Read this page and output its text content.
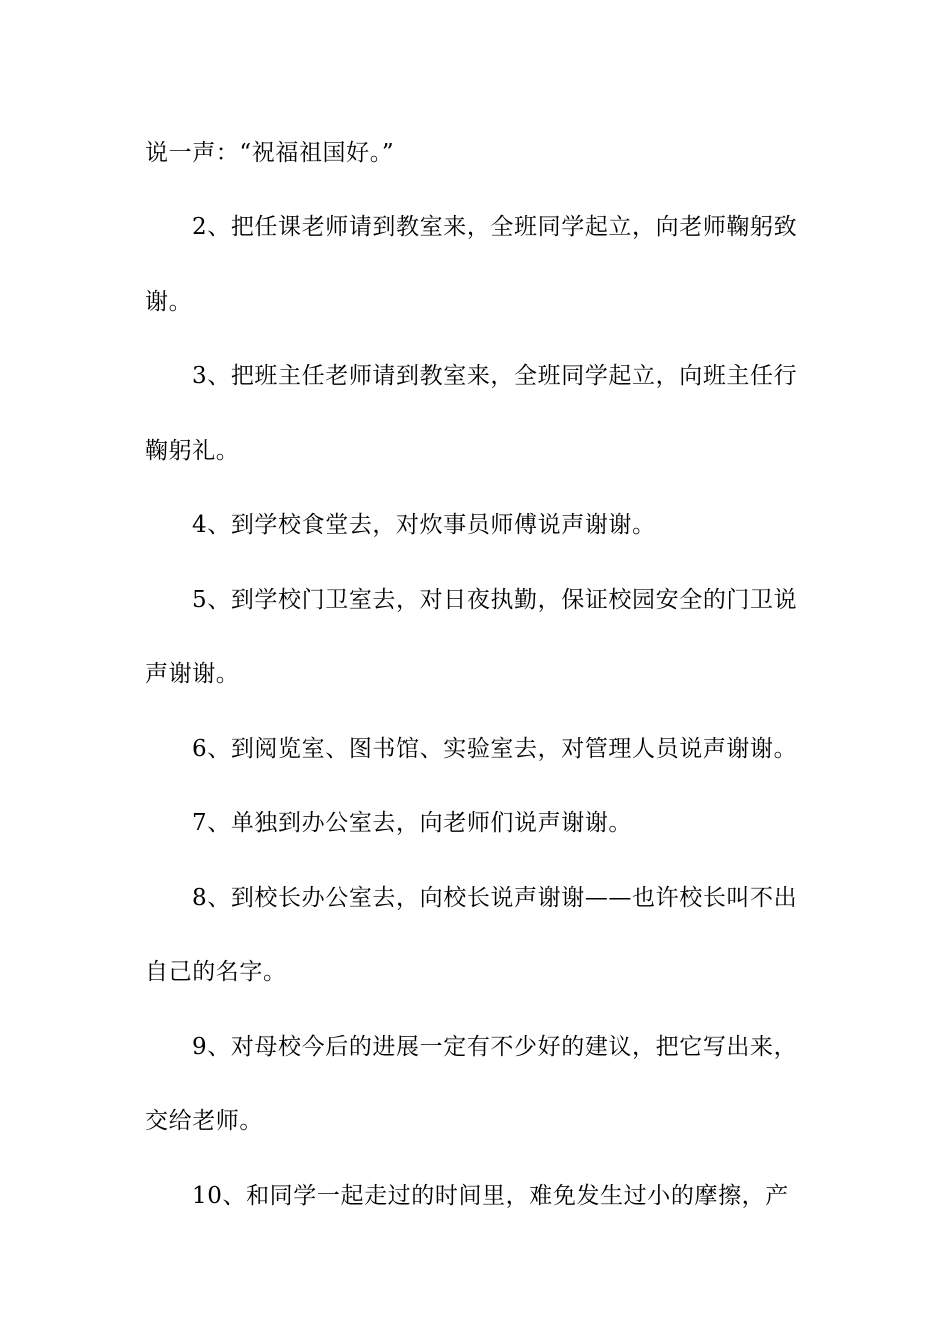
说一声：“祝福祖国好。”
2、把任课老师请到教室来，全班同学起立，向老师鞠躬致
谢。
3、把班主任老师请到教室来，全班同学起立，向班主任行
鞠躬礼。
4、到学校食堂去，对炊事员师傅说声谢谢。
5、到学校门卫室去，对日夜执勤，保证校园安全的门卫说
声谢谢。
6、到阅览室、图书馆、实验室去，对管理人员说声谢谢。
7、单独到办公室去，向老师们说声谢谢。
8、到校长办公室去，向校长说声谢谢——也许校长叫不出
自己的名字。
9、对母校今后的进展一定有不少好的建议，把它写出来，
交给老师。
10、和同学一起走过的时间里，难免发生过小的摩擦，产
